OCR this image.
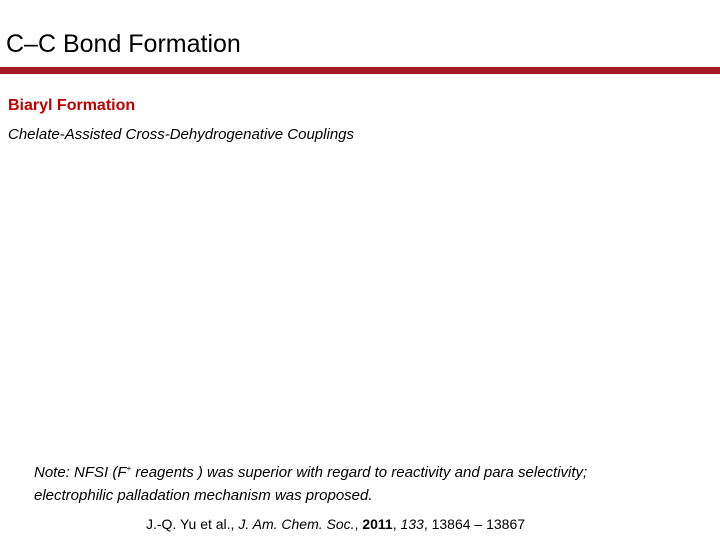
C–C Bond Formation
Biaryl Formation
Chelate-Assisted Cross-Dehydrogenative Couplings
Note: NFSI (F+ reagents ) was superior with regard to reactivity and para selectivity;
electrophilic palladation mechanism was proposed.
J.-Q. Yu et al., J. Am. Chem. Soc., 2011, 133, 13864 – 13867
